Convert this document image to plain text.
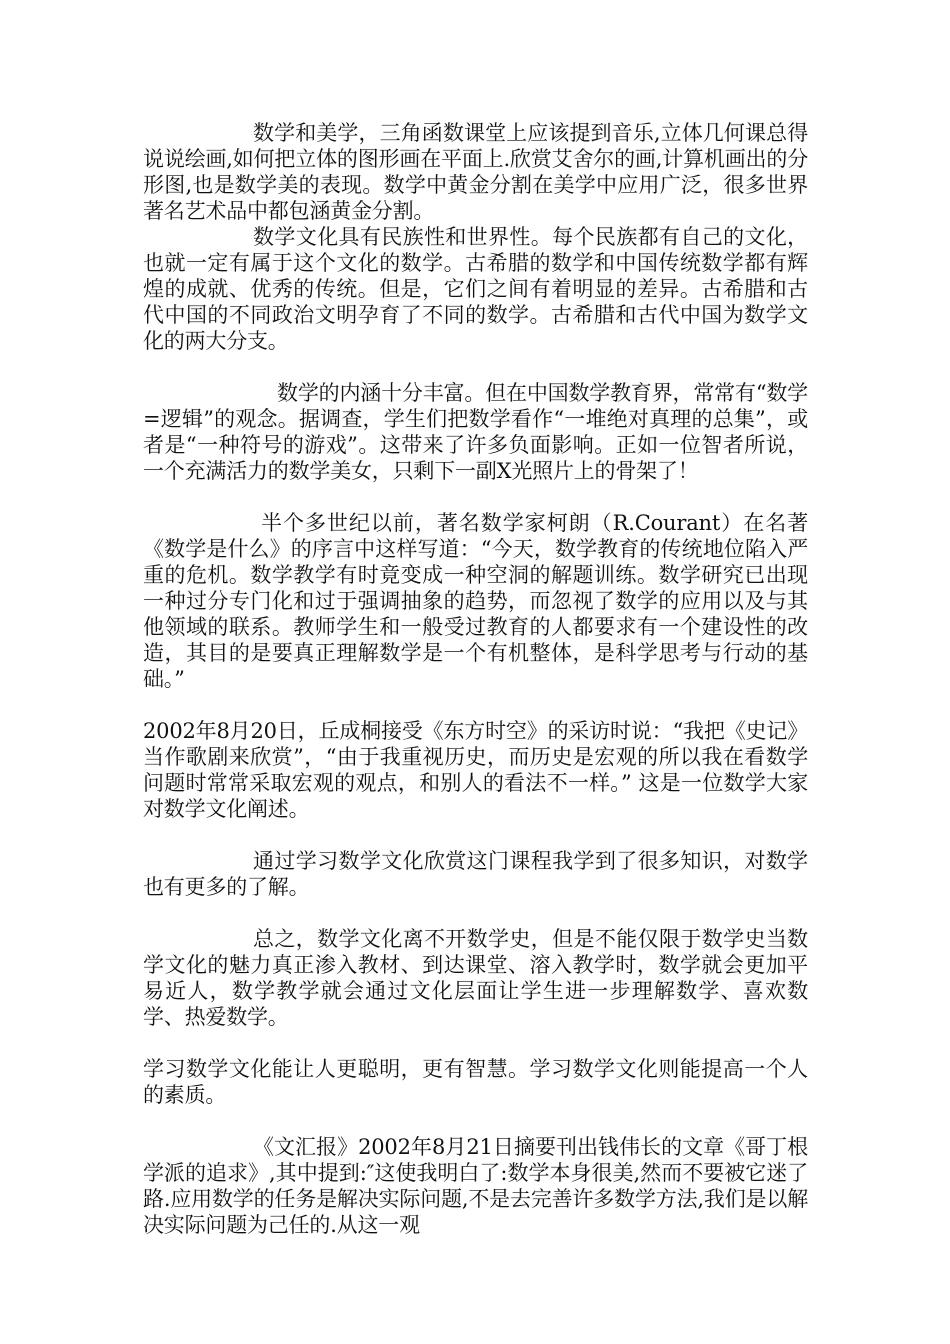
数学和美学，三角函数课堂上应该提到音乐,立体几何课总得说说绘画,如何把立体的图形画在平面上.欣赏艾舍尔的画,计算机画出的分形图,也是数学美的表现。数学中黄金分割在美学中应用广泛，很多世界著名艺术品中都包涵黄金分割。

数学文化具有民族性和世界性。每个民族都有自己的文化，也就一定有属于这个文化的数学。古希腊的数学和中国传统数学都有辉煌的成就、优秀的传统。但是，它们之间有着明显的差异。古希腊和古代中国的不同政治文明孕育了不同的数学。古希腊和古代中国为数学文化的两大分支。

数学的内涵十分丰富。但在中国数学教育界，常常有“数学=逻辑”的观念。据调查，学生们把数学看作“一堆绝对真理的总集”，或者是“一种符号的游戏”。这带来了许多负面影响。正如一位智者所说，一个充满活力的数学美女，只剩下一副X光照片上的骨架了！

半个多世纪以前，著名数学家柯朗（R.Courant）在名著《数学是什么》的序言中这样写道：“今天，数学教育的传统地位陷入严重的危机。数学教学有时竟变成一种空洞的解题训练。数学研究已出现一种过分专门化和过于强调抽象的趋势，而忽视了数学的应用以及与其他领域的联系。教师学生和一般受过教育的人都要求有一个建设性的改造，其目的是要真正理解数学是一个有机整体，是科学思考与行动的基础。”

2002年8月20日，丘成桐接受《东方时空》的采访时说：“我把《史记》当作歌剧来欣赏”，“由于我重视历史，而历史是宏观的所以我在看数学问题时常常采取宏观的观点，和别人的看法不一样。” 这是一位数学大家对数学文化阐述。

通过学习数学文化欣赏这门课程我学到了很多知识，对数学也有更多的了解。

总之，数学文化离不开数学史，但是不能仅限于数学史当数学文化的魅力真正渗入教材、到达课堂、溶入教学时，数学就会更加平易近人，数学教学就会通过文化层面让学生进一步理解数学、喜欢数学、热爱数学。

学习数学文化能让人更聪明，更有智慧。学习数学文化则能提高一个人的素质。

《文汇报》2002年8月21日摘要刊出钱伟长的文章《哥丁根学派的追求》,其中提到:″这使我明白了:数学本身很美,然而不要被它迷了路.应用数学的任务是解决实际问题,不是去完善许多数学方法,我们是以解决实际问题为己任的.从这一观
